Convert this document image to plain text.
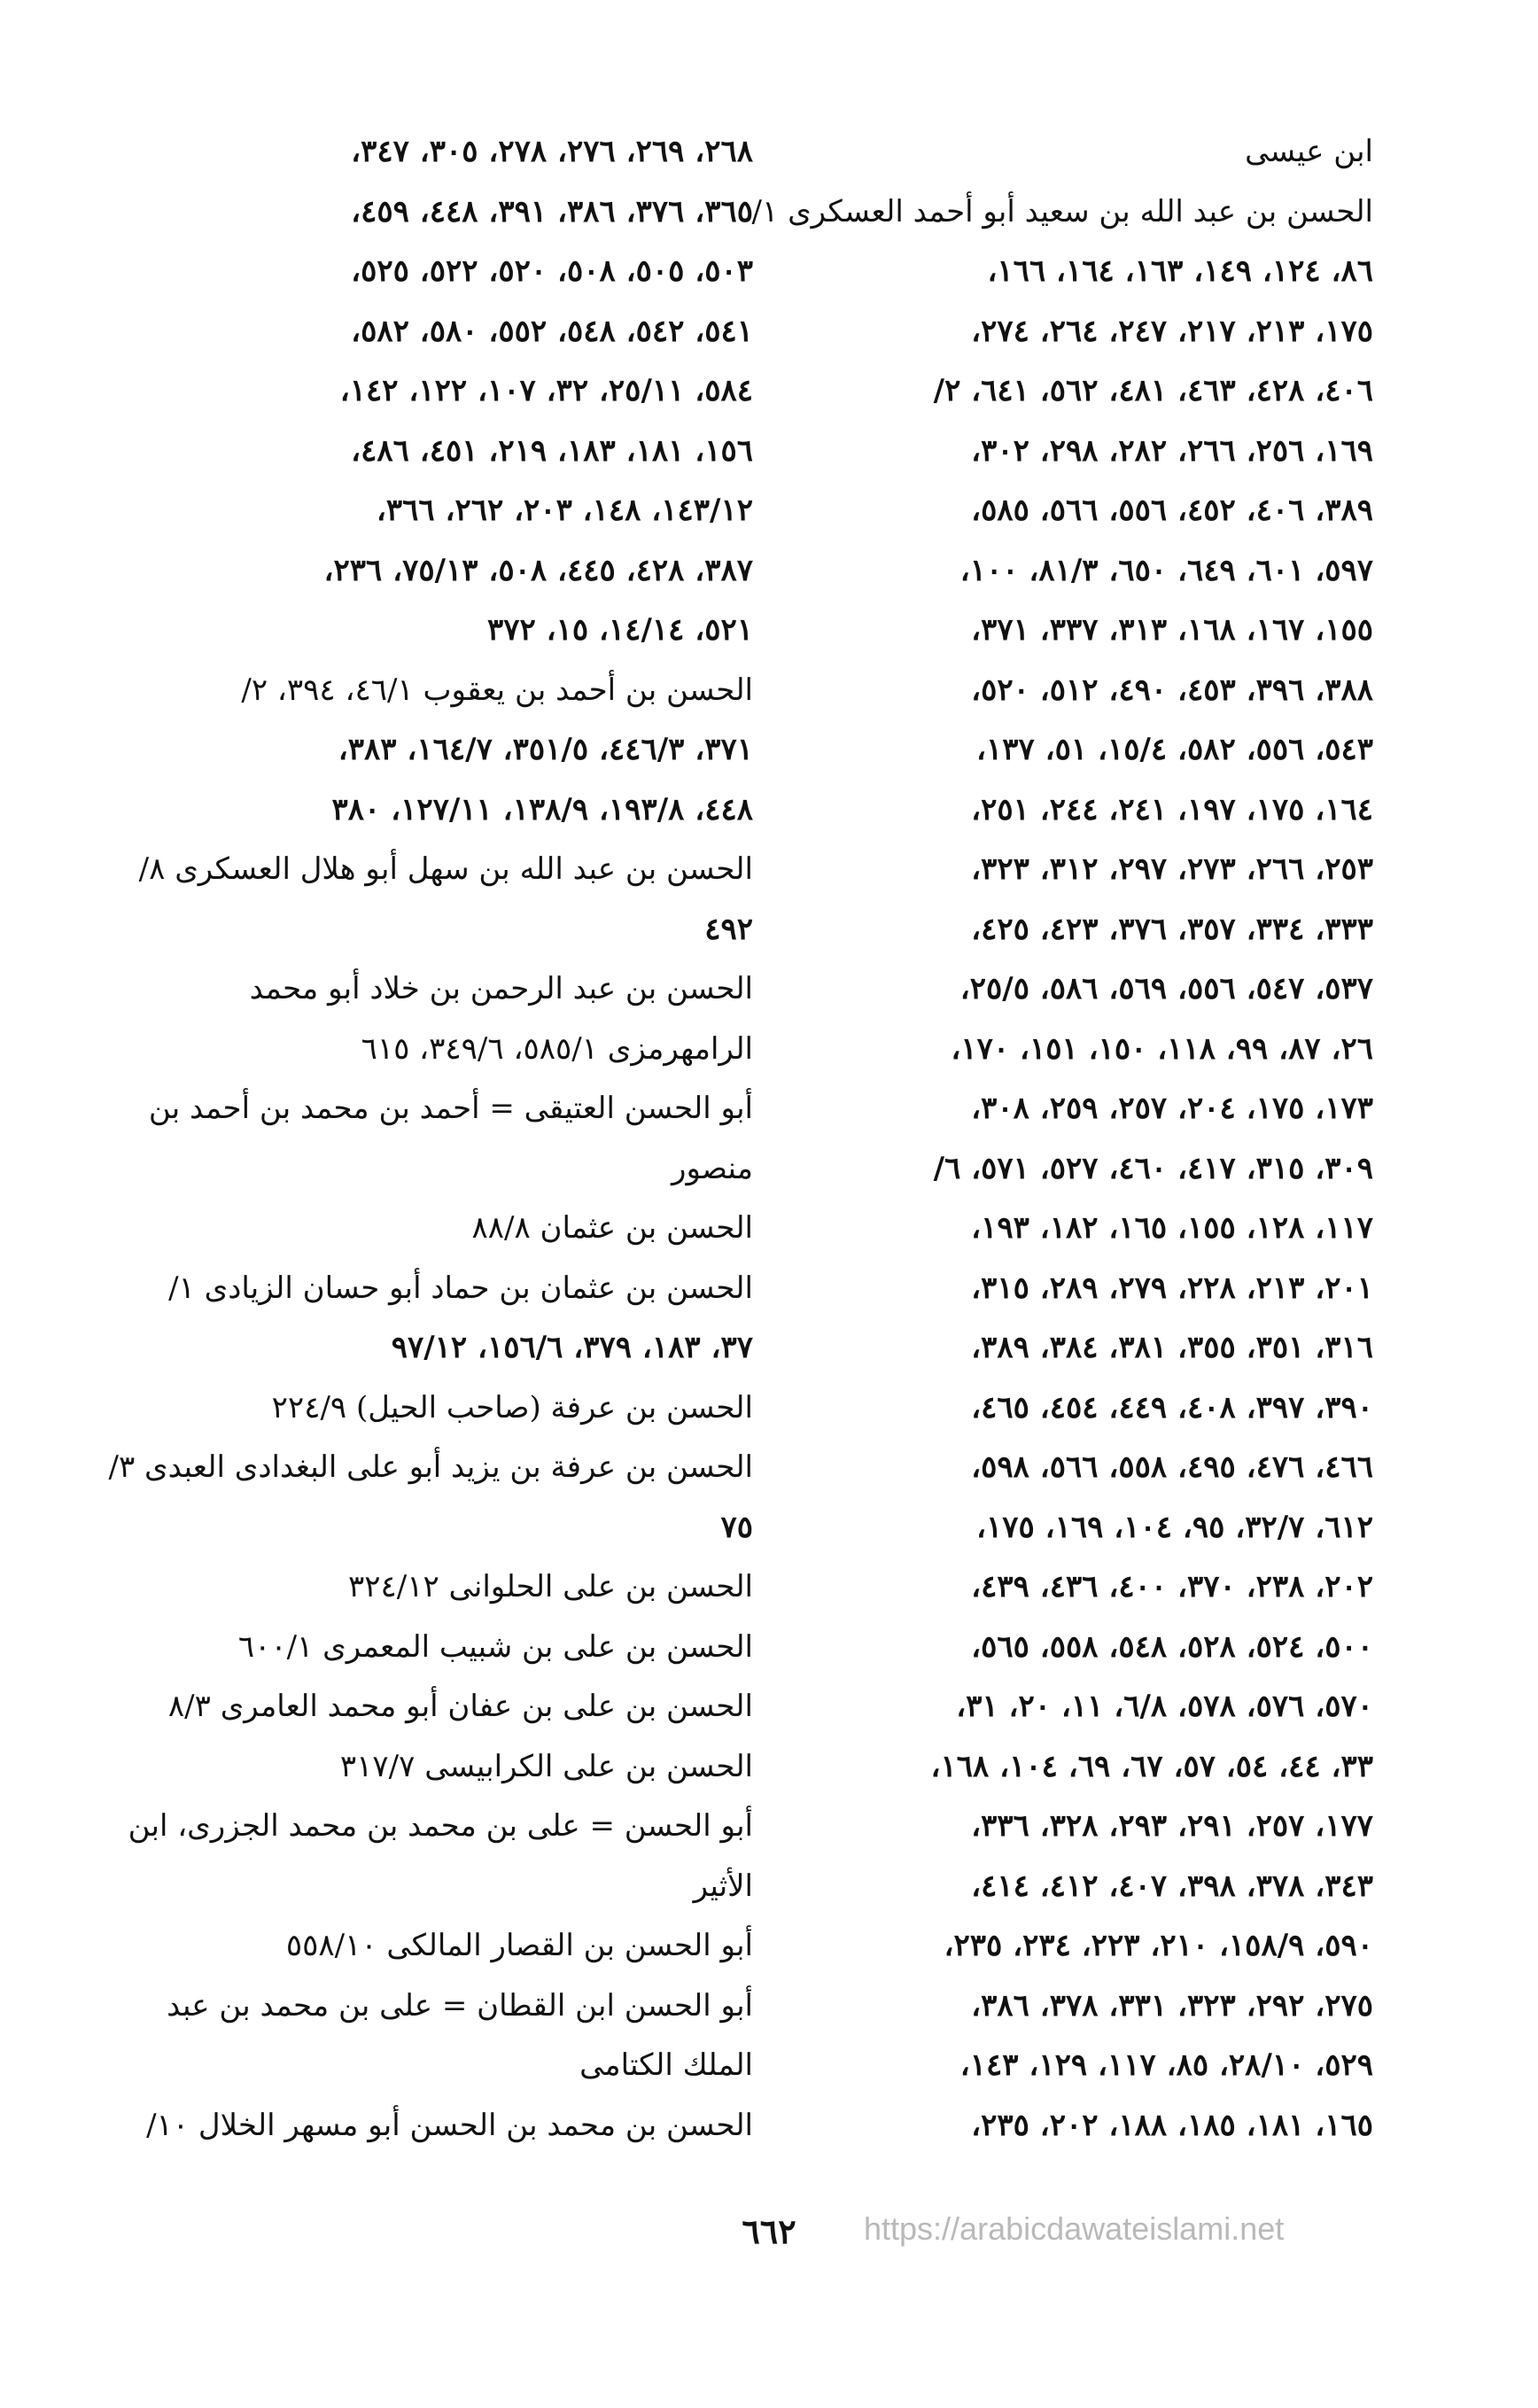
ابن عيسى
الحسن بن عبد الله بن سعيد أبو أحمد العسكرى ١/
٨٦، ١٢٤، ١٤٩، ١٦٣، ١٦٤، ١٦٦،
١٧٥، ٢١٣، ٢١٧، ٢٤٧، ٢٦٤، ٢٧٤،
٤٠٦، ٤٢٨، ٤٦٣، ٤٨١، ٥٦٢، ٦٤١، ٢/
١٦٩، ٢٥٦، ٢٦٦، ٢٨٢، ٢٩٨، ٣٠٢،
٣٨٩، ٤٠٦، ٤٥٢، ٥٥٦، ٥٦٦، ٥٨٥،
٥٩٧، ٦٠١، ٦٤٩، ٦٥٠، ٨١/٣، ١٠٠،
١٥٥، ١٦٧، ١٦٨، ٣١٣، ٣٣٧، ٣٧١،
٣٨٨، ٣٩٦، ٤٥٣، ٤٩٠، ٥١٢، ٥٢٠،
٥٤٣، ٥٥٦، ٥٨٢، ١٥/٤، ٥١، ١٣٧،
١٦٤، ١٧٥، ١٩٧، ٢٤١، ٢٤٤، ٢٥١،
٢٥٣، ٢٦٦، ٢٧٣، ٢٩٧، ٣١٢، ٣٢٣،
٣٣٣، ٣٣٤، ٣٥٧، ٣٧٦، ٤٢٣، ٤٢٥،
٥٣٧، ٥٤٧، ٥٥٦، ٥٦٩، ٥٨٦، ٢٥/٥،
٢٦، ٨٧، ٩٩، ١١٨، ١٥٠، ١٥١، ١٧٠،
١٧٣، ١٧٥، ٢٠٤، ٢٥٧، ٢٥٩، ٣٠٨،
٣٠٩، ٣١٥، ٤١٧، ٤٦٠، ٥٢٧، ٥٧١، ٦/
١١٧، ١٢٨، ١٥٥، ١٦٥، ١٨٢، ١٩٣،
٢٠١، ٢١٣، ٢٢٨، ٢٧٩، ٢٨٩، ٣١٥،
٣١٦، ٣٥١، ٣٥٥، ٣٨١، ٣٨٤، ٣٨٩،
٣٩٠، ٣٩٧، ٤٠٨، ٤٤٩، ٤٥٤، ٤٦٥،
٤٦٦، ٤٧٦، ٤٩٥، ٥٥٨، ٥٦٦، ٥٩٨،
٦١٢، ٣٢/٧، ٩٥، ١٠٤، ١٦٩، ١٧٥،
٢٠٢، ٢٣٨، ٣٧٠، ٤٠٠، ٤٣٦، ٤٣٩،
٥٠٠، ٥٢٤، ٥٢٨، ٥٤٨، ٥٥٨، ٥٦٥،
٥٧٠، ٥٧٦، ٥٧٨، ٦/٨، ١١، ٢٠، ٣١،
٣٣، ٤٤، ٥٤، ٥٧، ٦٧، ٦٩، ١٠٤، ١٦٨،
١٧٧، ٢٥٧، ٢٩١، ٢٩٣، ٣٢٨، ٣٣٦،
٣٤٣، ٣٧٨، ٣٩٨، ٤٠٧، ٤١٢، ٤١٤،
٥٩٠، ١٥٨/٩، ٢١٠، ٢٢٣، ٢٣٤، ٢٣٥،
٢٧٥، ٢٩٢، ٣٢٣، ٣٣١، ٣٧٨، ٣٨٦،
٥٢٩، ٢٨/١٠، ٨٥، ١١٧، ١٢٩، ١٤٣،
١٦٥، ١٨١، ١٨٥، ١٨٨، ٢٠٢، ٢٣٥،
٢٦٨، ٢٦٩، ٢٧٦، ٢٧٨، ٣٠٥، ٣٤٧،
٣٦٥، ٣٧٦، ٣٨٦، ٣٩١، ٤٤٨، ٤٥٩،
٥٠٣، ٥٠٥، ٥٠٨، ٥٢٠، ٥٢٢، ٥٢٥،
٥٤١، ٥٤٢، ٥٤٨، ٥٥٢، ٥٨٠، ٥٨٢،
٥٨٤، ٢٥/١١، ٣٢، ١٠٧، ١٢٢، ١٤٢،
١٥٦، ١٨١، ١٨٣، ٢١٩، ٤٥١، ٤٨٦،
١٤٣/١٢، ١٤٨، ٢٠٣، ٢٦٢، ٣٦٦،
٣٨٧، ٤٢٨، ٤٤٥، ٥٠٨، ٧٥/١٣، ٢٣٦،
٥٢١، ١٤/١٤، ١٥، ٣٧٢
الحسن بن أحمد بن يعقوب ٤٦/١، ٣٩٤، ٢/
٣٧١، ٤٤٦/٣، ٣٥١/٥، ١٦٤/٧، ٣٨٣،
٤٤٨، ١٩٣/٨، ١٣٨/٩، ١٢٧/١١، ٣٨٠
الحسن بن عبد الله بن سهل أبو هلال العسكرى ٨/
٤٩٢
الحسن بن عبد الرحمن بن خلاد أبو محمد
الرامهرمزى ٥٨٥/١، ٣٤٩/٦، ٦١٥
أبو الحسن العتيقى = أحمد بن محمد بن أحمد بن
منصور
الحسن بن عثمان ٨٨/٨
الحسن بن عثمان بن حماد أبو حسان الزيادى ١/
٣٧، ١٨٣، ٣٧٩، ١٥٦/٦، ٩٧/١٢
الحسن بن عرفة (صاحب الحيل) ٢٢٤/٩
الحسن بن عرفة بن يزيد أبو على البغدادى العبدى ٣/
٧٥
الحسن بن على الحلوانى ٣٢٤/١٢
الحسن بن على بن شبيب المعمرى ٦٠٠/١
الحسن بن على بن عفان أبو محمد العامرى ٨/٣
الحسن بن على الكرابيسى ٣١٧/٧
أبو الحسن = على بن محمد بن محمد الجزرى، ابن
الأثير
أبو الحسن بن القصار المالكى ٥٥٨/١٠
أبو الحسن ابن القطان = على بن محمد بن عبد
الملك الكتامى
الحسن بن محمد بن الحسن أبو مسهر الخلال ١٠/
٦٦٢	https://arabicdawateislami.net
